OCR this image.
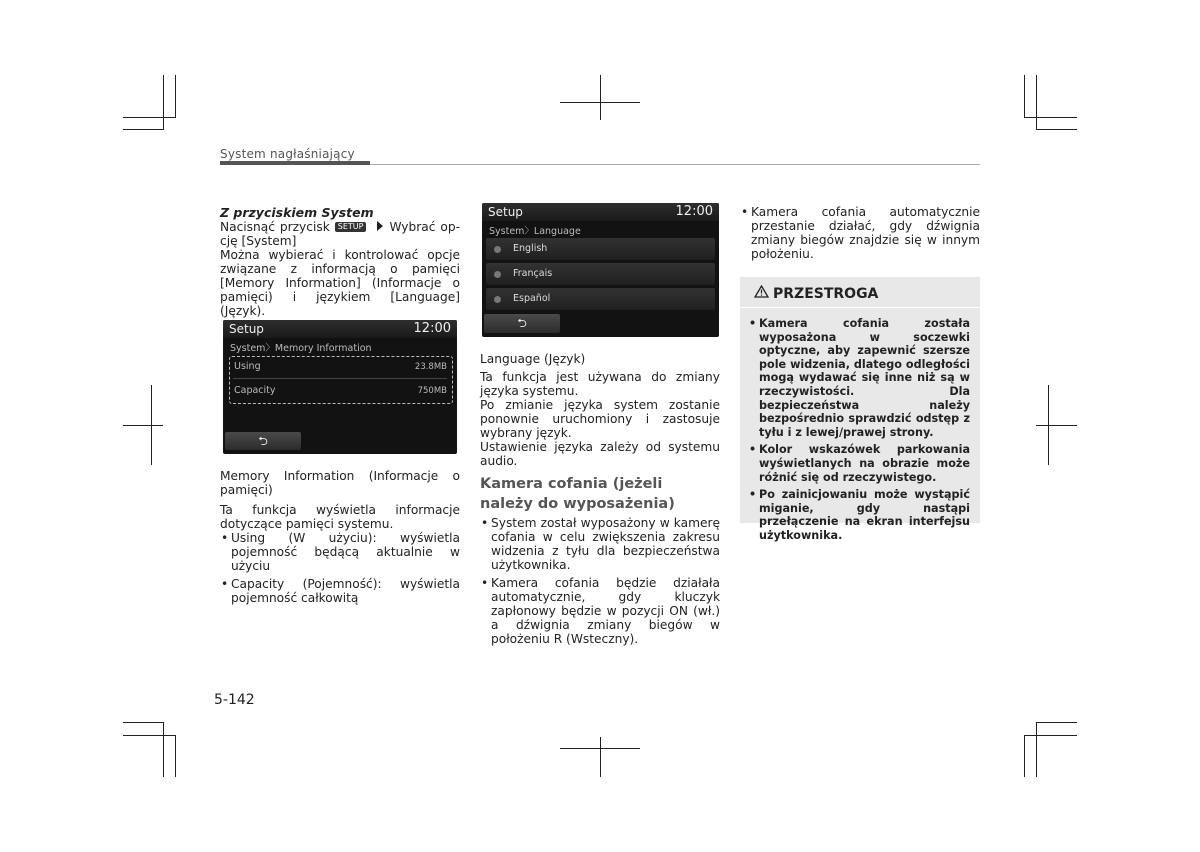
System nagłaśniający
Z przyciskiem System

Nacisnąć przycisk SETUP Wybrać op-cję [System]

Można wybierać i kontrolować opcje związane z informacją o pamięci [Memory Information] (Informacje o pamięci) i językiem [Language] (Język).

Setup	12:00
System〉Memory Information
Using	23.8MB
Capacity	750MB
⮌

Memory Information (Informacje o pamięci)

Ta funkcja wyświetla informacje dotyczące pamięci systemu.

• Using (W użyciu): wyświetla pojemność będącą aktualnie w użyciu
• Capacity (Pojemność): wyświetla pojemność całkowitą
Setup	12:00
System〉Language
English
Français
Español
⮌

Language (Język)

Ta funkcja jest używana do zmiany języka systemu.

Po zmianie języka system zostanie ponownie uruchomiony i zastosuje wybrany język.

Ustawienie języka zależy od systemu audio.

Kamera cofania (jeżeli należy do wyposażenia)
• System został wyposażony w kamerę cofania w celu zwiększenia zakresu widzenia z tyłu dla bezpieczeństwa użytkownika.
• Kamera cofania będzie działała automatycznie, gdy kluczyk zapłonowy będzie w pozycji ON (wł.) a dźwignia zmiany biegów w położeniu R (Wsteczny).
• Kamera cofania automatycznie przestanie działać, gdy dźwignia zmiany biegów znajdzie się w innym położeniu.
PRZESTROGA
• Kamera cofania została wyposażona w soczewki optyczne, aby zapewnić szersze pole widzenia, dlatego odległości mogą wydawać się inne niż są w rzeczywistości. Dla bezpieczeństwa należy bezpośrednio sprawdzić odstęp z tyłu i z lewej/prawej strony.
• Kolor wskazówek parkowania wyświetlanych na obrazie może różnić się od rzeczywistego.
• Po zainicjowaniu może wystąpić miganie, gdy nastąpi przełączenie na ekran interfejsu użytkownika.
5-142
